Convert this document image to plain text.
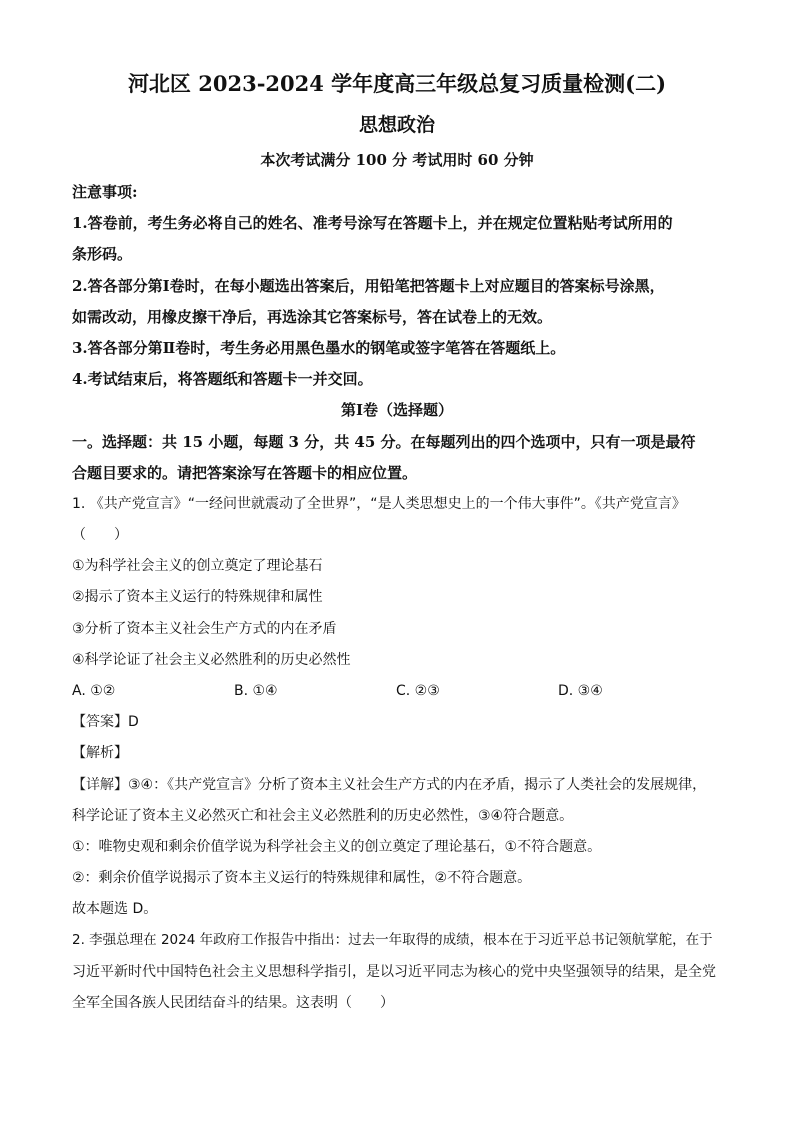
河北区 2023-2024 学年度高三年级总复习质量检测(二)
思想政治
本次考试满分 100 分 考试用时 60 分钟
注意事项:
1.答卷前，考生务必将自己的姓名、准考号涂写在答题卡上，并在规定位置粘贴考试所用的
条形码。
2.答各部分第Ⅰ卷时，在每小题选出答案后，用铅笔把答题卡上对应题目的答案标号涂黑，
如需改动，用橡皮擦干净后，再选涂其它答案标号，答在试卷上的无效。
3.答各部分第Ⅱ卷时，考生务必用黑色墨水的钢笔或签字笔答在答题纸上。
4.考试结束后，将答题纸和答题卡一并交回。
第Ⅰ卷（选择题）
一。选择题：共 15 小题，每题 3 分，共 45 分。在每题列出的四个选项中，只有一项是最符
合题目要求的。请把答案涂写在答题卡的相应位置。
1. 《共产党宣言》“一经问世就震动了全世界”，“是人类思想史上的一个伟大事件”。《共产党宣言》
（　　）
①为科学社会主义的创立奠定了理论基石
②揭示了资本主义运行的特殊规律和属性
③分析了资本主义社会生产方式的内在矛盾
④科学论证了社会主义必然胜利的历史必然性
A. ①②	B. ①④	C. ②③	D. ③④
【答案】D
【解析】
【详解】③④：《共产党宣言》分析了资本主义社会生产方式的内在矛盾，揭示了人类社会的发展规律，
科学论证了资本主义必然灭亡和社会主义必然胜利的历史必然性，③④符合题意。
①：唯物史观和剩余价值学说为科学社会主义的创立奠定了理论基石，①不符合题意。
②：剩余价值学说揭示了资本主义运行的特殊规律和属性，②不符合题意。
故本题选 D。
2. 李强总理在 2024 年政府工作报告中指出：过去一年取得的成绩，根本在于习近平总书记领航掌舵，在于
习近平新时代中国特色社会主义思想科学指引，是以习近平同志为核心的党中央坚强领导的结果，是全党
全军全国各族人民团结奋斗的结果。这表明（　　）
